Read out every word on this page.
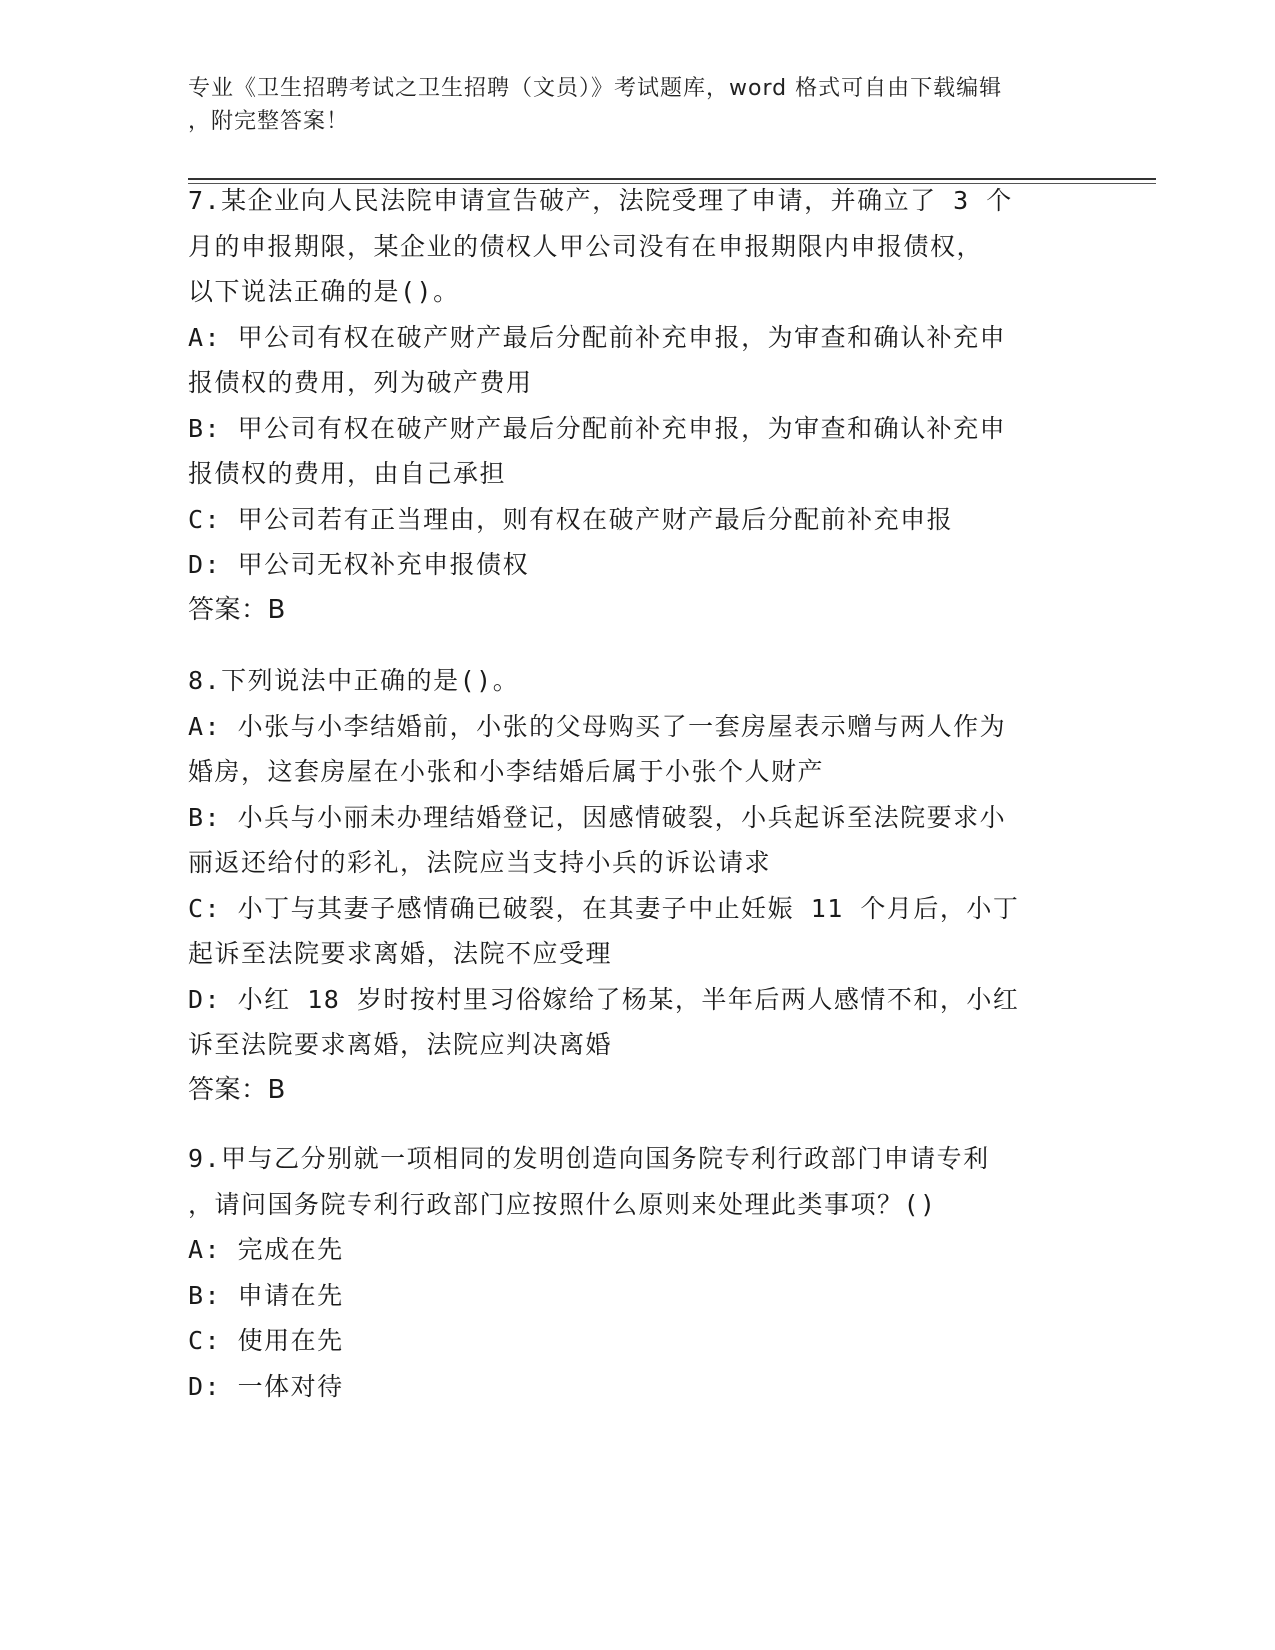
专业《卫生招聘考试之卫生招聘（文员）》考试题库，word 格式可自由下载编辑
，附完整答案！

7.某企业向人民法院申请宣告破产，法院受理了申请，并确立了 3 个

月的申报期限，某企业的债权人甲公司没有在申报期限内申报债权，

以下说法正确的是()。

A: 甲公司有权在破产财产最后分配前补充申报，为审查和确认补充申

报债权的费用，列为破产费用

B: 甲公司有权在破产财产最后分配前补充申报，为审查和确认补充申

报债权的费用，由自己承担

C: 甲公司若有正当理由，则有权在破产财产最后分配前补充申报

D: 甲公司无权补充申报债权

答案：B

8.下列说法中正确的是()。

A: 小张与小李结婚前，小张的父母购买了一套房屋表示赠与两人作为

婚房，这套房屋在小张和小李结婚后属于小张个人财产

B: 小兵与小丽未办理结婚登记，因感情破裂，小兵起诉至法院要求小

丽返还给付的彩礼，法院应当支持小兵的诉讼请求

C: 小丁与其妻子感情确已破裂，在其妻子中止妊娠 11 个月后，小丁

起诉至法院要求离婚，法院不应受理

D: 小红 18 岁时按村里习俗嫁给了杨某，半年后两人感情不和，小红

诉至法院要求离婚，法院应判决离婚

答案：B

9.甲与乙分别就一项相同的发明创造向国务院专利行政部门申请专利

，请问国务院专利行政部门应按照什么原则来处理此类事项？()

A: 完成在先

B: 申请在先

C: 使用在先

D: 一体对待
